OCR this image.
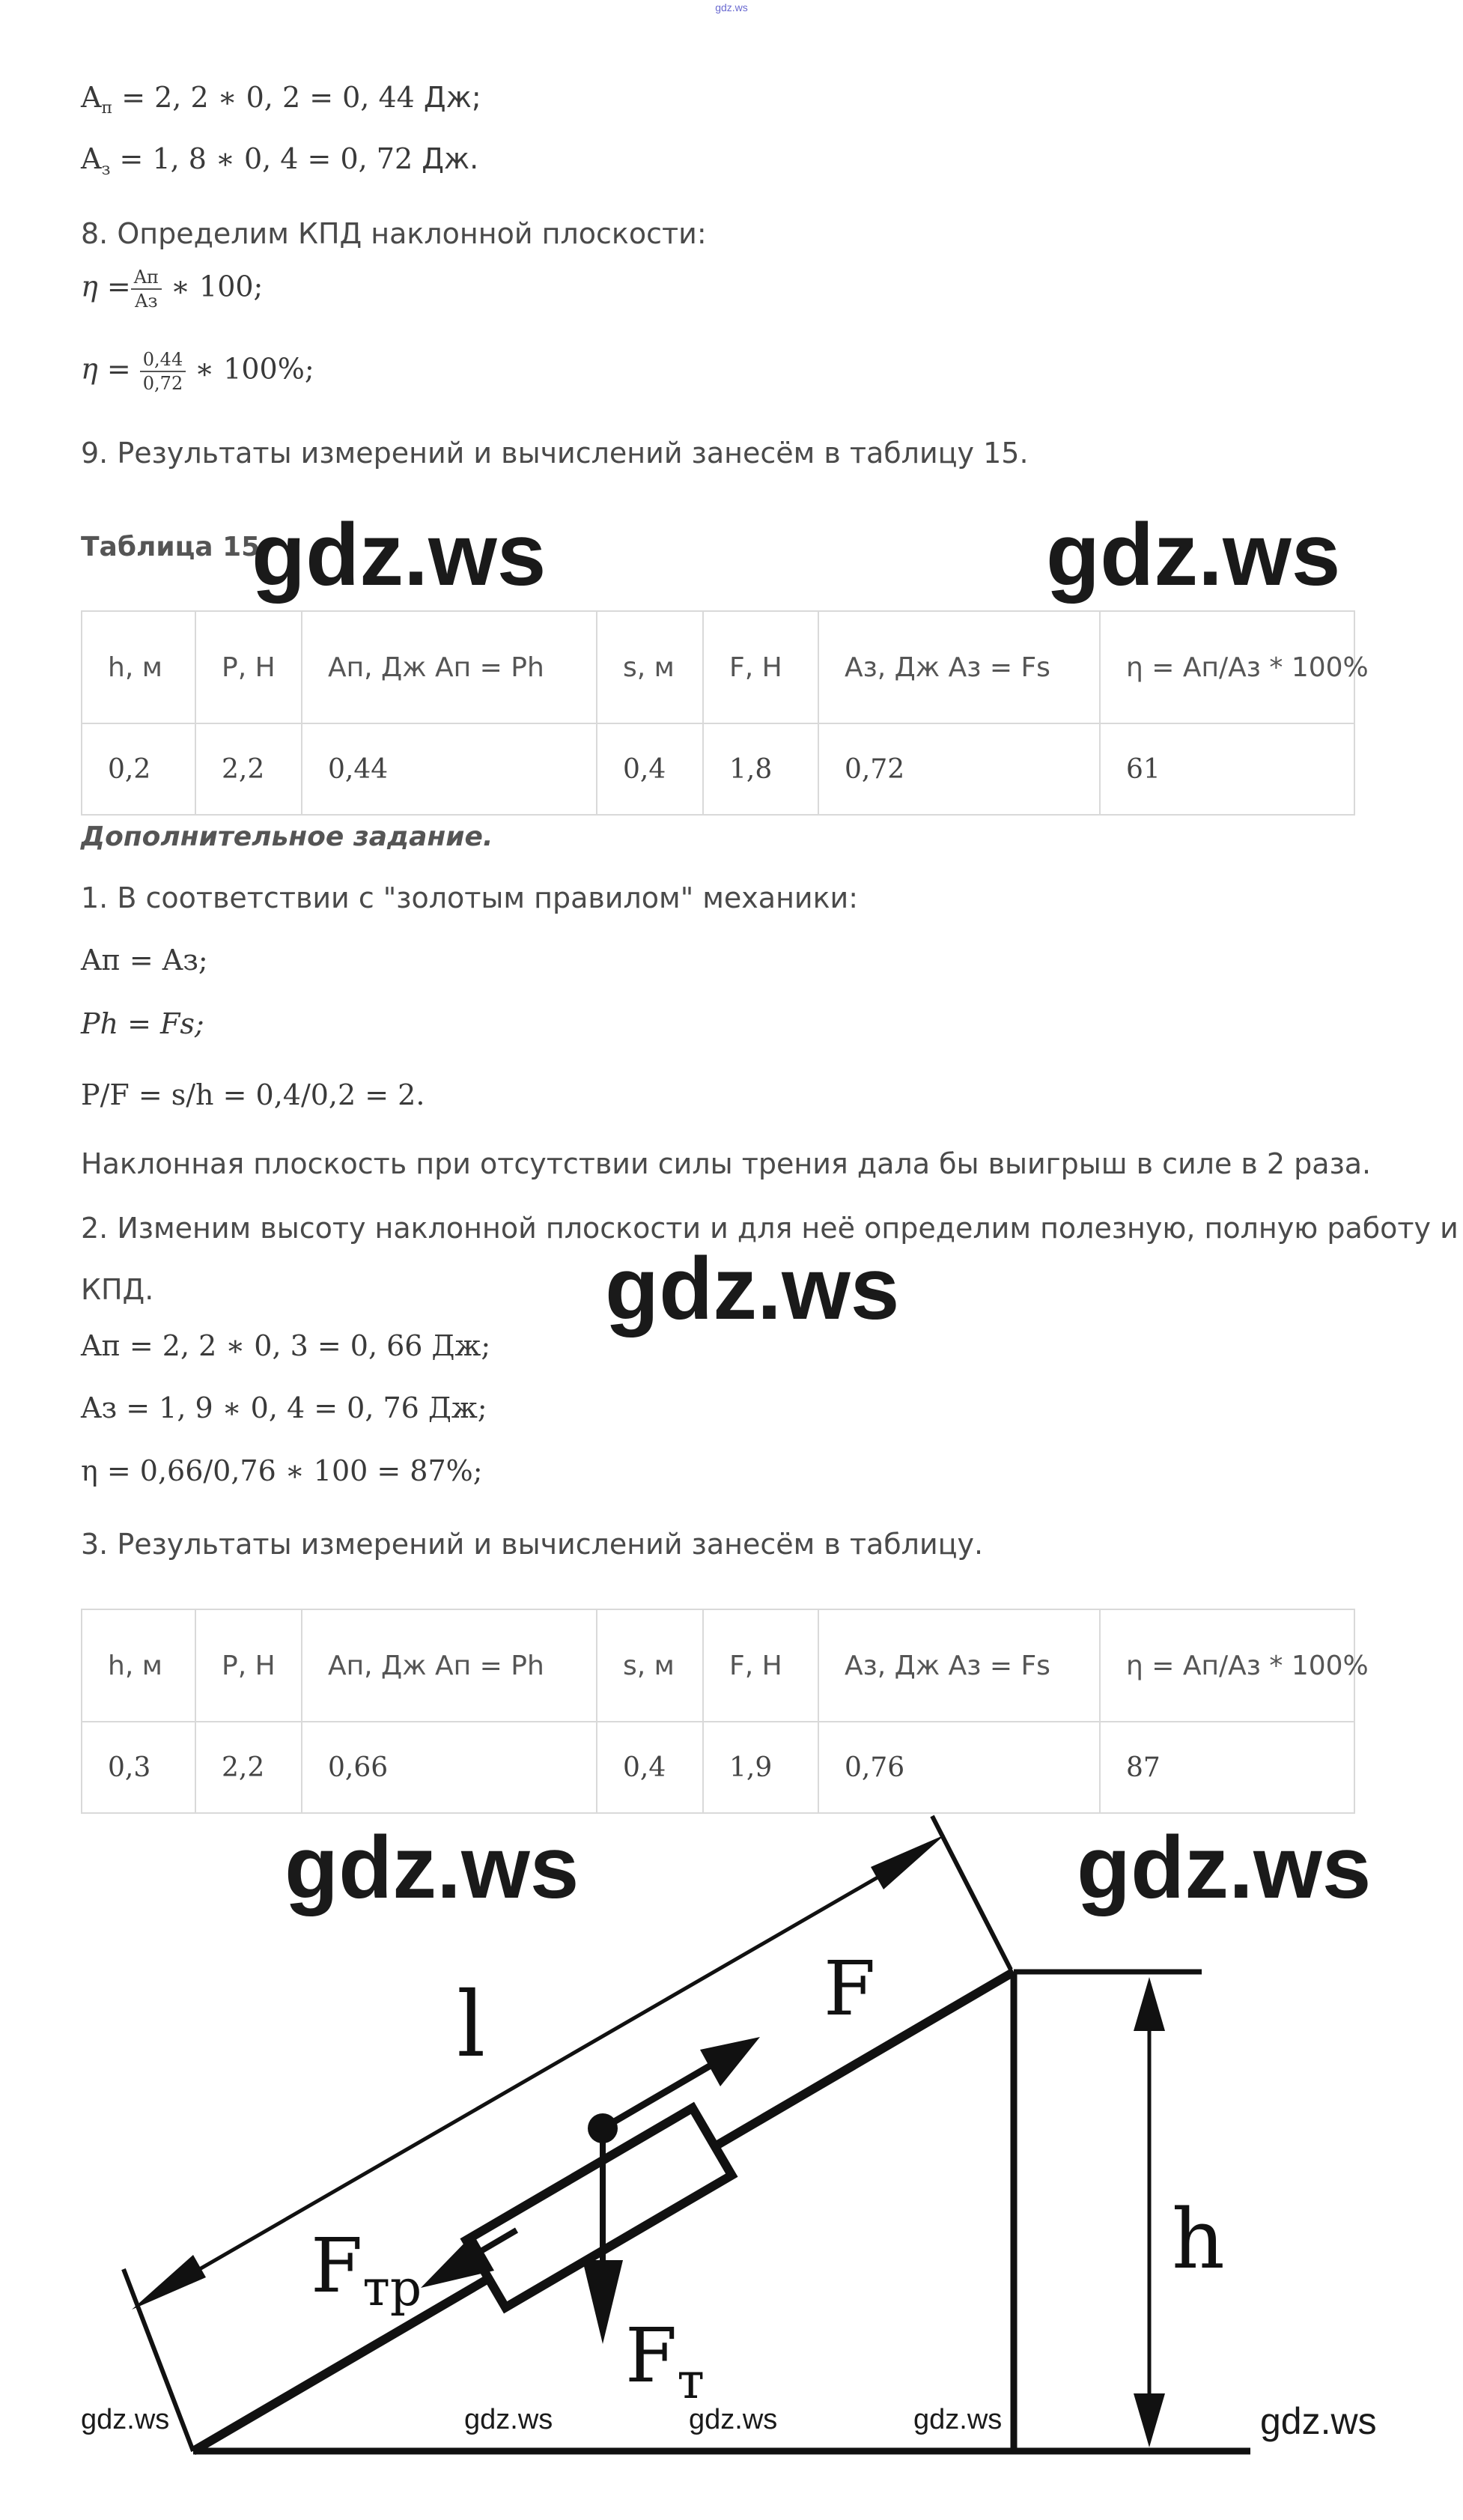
gdz.ws
$A_п = 2$, 2 ∗ 0, 2 = 0, 44 Дж;
$A_з = 1$, 8 ∗ 0, 4 = 0, 72 Дж.
8. Определим КПД наклонной плоскости:
$\eta = \frac{Aп}{Aз}$ ∗ 100;
$\eta = \frac{0,44}{0,72}$ ∗ 100%;
9. Результаты измерений и вычислений занесём в таблицу 15.
Таблица 15.
gdz.ws	gdz.ws
h, м	P, Н	Aп, Дж Aп = Ph	s, м	F, Н	Aз, Дж Aз = Fs	η = Aп/Aз * 100%
0,2	2,2	0,44	0,4	1,8	0,72	61
Дополнительное задание.
1. В соответствии с "золотым правилом" механики:
Aп = Aз;
Ph = Fs;
P/F = s/h = 0,4/0,2 = 2.
Наклонная плоскость при отсутствии силы трения дала бы выигрыш в силе в 2 раза.
2. Изменим высоту наклонной плоскости и для неё определим полезную, полную работу и
КПД.	gdz.ws
Aп = 2, 2 ∗ 0, 3 = 0, 66 Дж;
Aз = 1, 9 ∗ 0, 4 = 0, 76 Дж;
η = 0,66/0,76 ∗ 100 = 87%;
3. Результаты измерений и вычислений занесём в таблицу.
h, м	P, Н	Aп, Дж Aп = Ph	s, м	F, Н	Aз, Дж Aз = Fs	η = Aп/Aз * 100%
0,3	2,2	0,66	0,4	1,9	0,76	87
gdz.ws	gdz.ws
l	F
Fтр
$F_т$
h
gdz.ws	gdz.ws	gdz.ws	gdz.ws	gdz.ws
